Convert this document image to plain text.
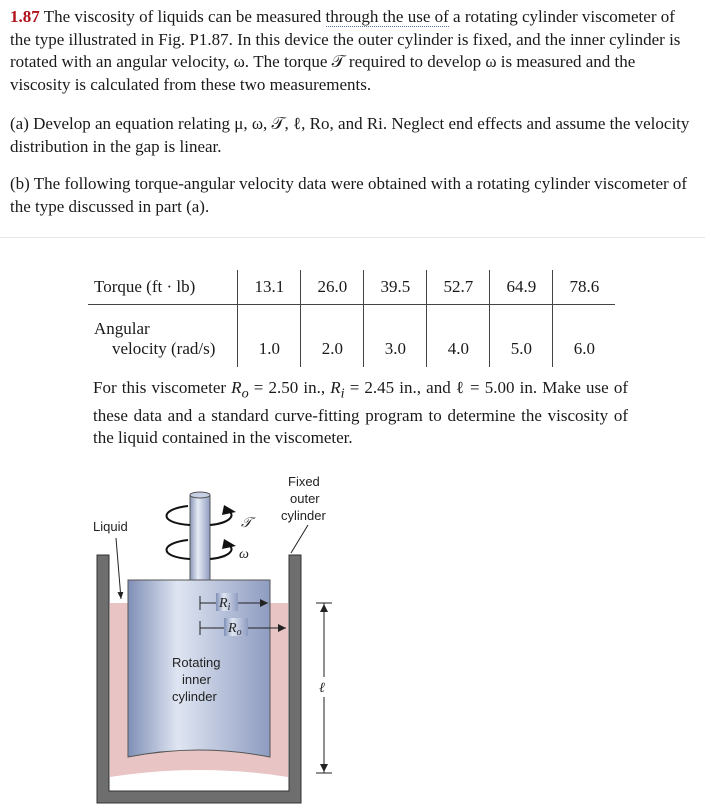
1.87 The viscosity of liquids can be measured through the use of a rotating cylinder viscometer of the type illustrated in Fig. P1.87. In this device the outer cylinder is fixed, and the inner cylinder is rotated with an angular velocity, ω. The torque 𝒯 required to develop ω is measured and the viscosity is calculated from these two measurements.
(a) Develop an equation relating μ, ω, 𝒯, ℓ, Ro, and Ri. Neglect end effects and assume the velocity distribution in the gap is linear.
(b) The following torque-angular velocity data were obtained with a rotating cylinder viscometer of the type discussed in part (a).
Torque (ft · lb)	13.1	26.0	39.5	52.7	64.9	78.6
Angular
velocity (rad/s)	1.0	2.0	3.0	4.0	5.0	6.0
For this viscometer $R_o = 2.50$ in., $R_i = 2.45$ in., and ℓ = 5.00 in. Make use of these data and a standard curve-fitting program to determine the viscosity of the liquid contained in the viscometer.
𝒯
ω
Fixed
outer
cylinder
Liquid
$R_i$
$R_o$
Rotating
inner
cylinder
ℓ
